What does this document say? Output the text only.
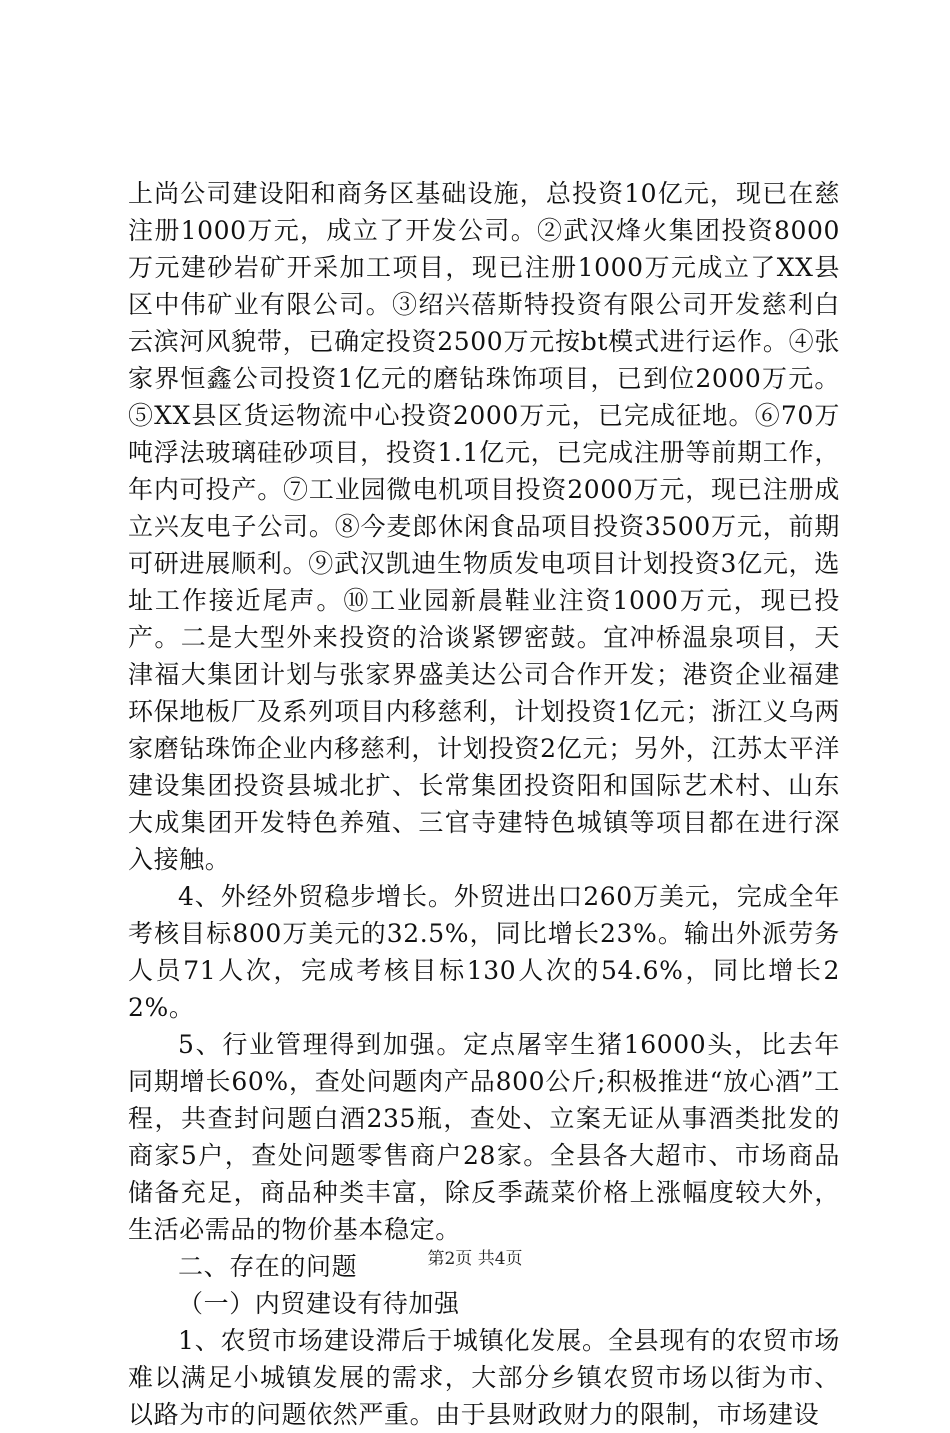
上尚公司建设阳和商务区基础设施，总投资10亿元，现已在慈注册1000万元，成立了开发公司。②武汉烽火集团投资8000万元建砂岩矿开采加工项目，现已注册1000万元成立了XX县区中伟矿业有限公司。③绍兴蓓斯特投资有限公司开发慈利白云滨河风貌带，已确定投资2500万元按bt模式进行运作。④张家界恒鑫公司投资1亿元的磨钻珠饰项目，已到位2000万元。⑤XX县区货运物流中心投资2000万元，已完成征地。⑥70万吨浮法玻璃硅砂项目，投资1.1亿元，已完成注册等前期工作，年内可投产。⑦工业园微电机项目投资2000万元，现已注册成立兴友电子公司。⑧今麦郎休闲食品项目投资3500万元，前期可研进展顺利。⑨武汉凯迪生物质发电项目计划投资3亿元，选址工作接近尾声。⑩工业园新晨鞋业注资1000万元，现已投产。二是大型外来投资的洽谈紧锣密鼓。宜冲桥温泉项目，天津福大集团计划与张家界盛美达公司合作开发；港资企业福建环保地板厂及系列项目内移慈利，计划投资1亿元；浙江义乌两家磨钻珠饰企业内移慈利，计划投资2亿元；另外，江苏太平洋建设集团投资县城北扩、长常集团投资阳和国际艺术村、山东大成集团开发特色养殖、三官寺建特色城镇等项目都在进行深入接触。

4、外经外贸稳步增长。外贸进出口260万美元，完成全年考核目标800万美元的32.5%，同比增长23%。输出外派劳务人员71人次，完成考核目标130人次的54.6%，同比增长22%。

5、行业管理得到加强。定点屠宰生猪16000头，比去年同期增长60%，查处问题肉产品800公斤;积极推进“放心酒”工程，共查封问题白酒235瓶，查处、立案无证从事酒类批发的商家5户，查处问题零售商户28家。全县各大超市、市场商品储备充足，商品种类丰富，除反季蔬菜价格上涨幅度较大外，生活必需品的物价基本稳定。

二、存在的问题

（一）内贸建设有待加强

1、农贸市场建设滞后于城镇化发展。全县现有的农贸市场难以满足小城镇发展的需求，大部分乡镇农贸市场以街为市、以路为市的问题依然严重。由于县财政财力的限制，市场建设

第2页 共4页
